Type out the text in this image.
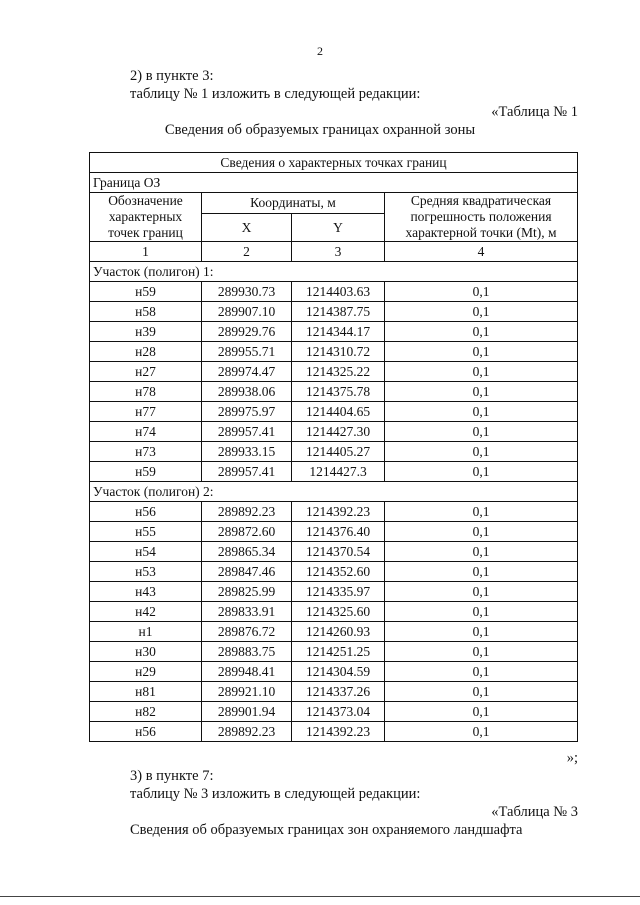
2
2) в пункте 3:
таблицу № 1 изложить в следующей редакции:
«Таблица № 1
Сведения об образуемых границах охранной зоны
Сведения о характерных точках границ			
Граница ОЗ			
Обозначение характерных точек границ	Координаты, м		Средняя квадратическая погрешность положения характерной точки (Mt), м
	X	Y	
1	2	3	4
Участок (полигон) 1:			
н59	289930.73	1214403.63	0,1
н58	289907.10	1214387.75	0,1
н39	289929.76	1214344.17	0,1
н28	289955.71	1214310.72	0,1
н27	289974.47	1214325.22	0,1
н78	289938.06	1214375.78	0,1
н77	289975.97	1214404.65	0,1
н74	289957.41	1214427.30	0,1
н73	289933.15	1214405.27	0,1
н59	289957.41	1214427.3	0,1
Участок (полигон) 2:			
н56	289892.23	1214392.23	0,1
н55	289872.60	1214376.40	0,1
н54	289865.34	1214370.54	0,1
н53	289847.46	1214352.60	0,1
н43	289825.99	1214335.97	0,1
н42	289833.91	1214325.60	0,1
н1	289876.72	1214260.93	0,1
н30	289883.75	1214251.25	0,1
н29	289948.41	1214304.59	0,1
н81	289921.10	1214337.26	0,1
н82	289901.94	1214373.04	0,1
н56	289892.23	1214392.23	0,1
»;
3) в пункте 7:
таблицу № 3 изложить в следующей редакции:
«Таблица № 3
Сведения об образуемых границах зон охраняемого ландшафта
